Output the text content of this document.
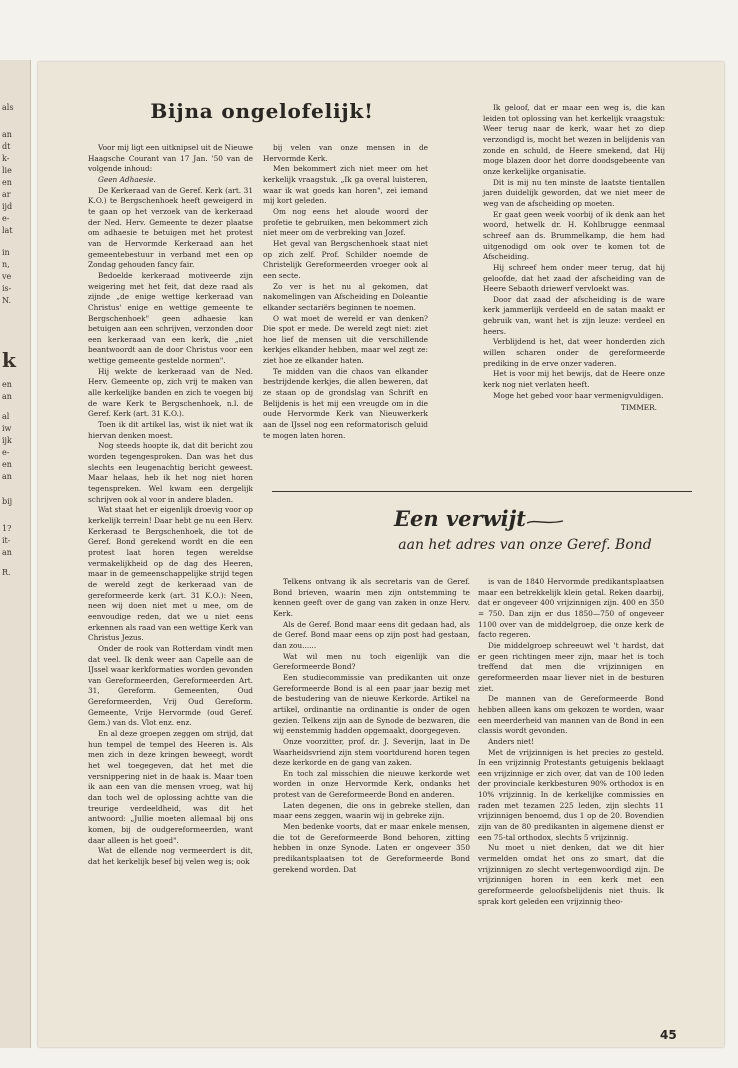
als
an
dt
k-
lie
en
ar
ijd
e-
lat
in
n,
ve
is-
N.
k
en
an
al
iw
ijk
e-
en
an
bij
1?
it-
an
R.
Bijna ongelofelijk!

Voor mij ligt een uitknipsel uit de Nieuwe Haagsche Courant van 17 Jan. '50 van de volgende inhoud:

Geen Adhaesie.

De Kerkeraad van de Geref. Kerk (art. 31 K.O.) te Bergschenhoek heeft geweigerd in te gaan op het verzoek van de kerkeraad der Ned. Herv. Gemeente te dezer plaatse om adhaesie te betuigen met het protest van de Hervormde Kerkeraad aan het gemeentebestuur in verband met een op Zondag gehouden fancy fair.

Bedoelde kerkeraad motiveerde zijn weigering met het feit, dat deze raad als zijnde „de enige wettige kerkeraad van Christus' enige en wettige gemeente te Bergschenhoek" geen adhaesie kan betuigen aan een schrijven, verzonden door een kerkeraad van een kerk, die „niet beantwoordt aan de door Christus voor een wettige gemeente gestelde normen".

Hij wekte de kerkeraad van de Ned. Herv. Gemeente op, zich vrij te maken van alle kerkelijke banden en zich te voegen bij de ware Kerk te Bergschenhoek, n.l. de Geref. Kerk (art. 31 K.O.).

Toen ik dit artikel las, wist ik niet wat ik hiervan denken moest.

Nog steeds hoopte ik, dat dit bericht zou worden tegengesproken. Dan was het dus slechts een leugenachtig bericht geweest. Maar helaas, heb ik het nog niet horen tegenspreken. Wel kwam een dergelijk schrijven ook al voor in andere bladen.

Wat staat het er eigenlijk droevig voor op kerkelijk terrein! Daar hebt ge nu een Herv. Kerkeraad te Bergschenhoek, die tot de Geref. Bond gerekend wordt en die een protest laat horen tegen wereldse vermakelijkheid op de dag des Heeren, maar in de gemeenschappelijke strijd tegen de wereld zegt de kerkeraad van de gereformeerde kerk (art. 31 K.O.): Neen, neen wij doen niet met u mee, om de eenvoudige reden, dat we u niet eens erkennen als raad van een wettige Kerk van Christus Jezus.

Onder de rook van Rotterdam vindt men dat veel. Ik denk weer aan Capelle aan de IJssel waar kerkformaties worden gevonden van Gereformeerden, Gereformeerden Art. 31, Gereform. Gemeenten, Oud Gereformeerden, Vrij Oud Gereform. Gemeente, Vrije Hervormde (oud Geref. Gem.) van ds. Vlot enz. enz.

En al deze groepen zeggen om strijd, dat hun tempel de tempel des Heeren is. Als men zich in deze kringen beweegt, wordt het wel toegegeven, dat het met die versnippering niet in de haak is. Maar toen ik aan een van die mensen vroeg, wat hij dan toch wel de oplossing achtte van die treurige verdeeldheid, was dit het antwoord: „Jullie moeten allemaal bij ons komen, bij de oudgereformeerden, want daar alleen is het goed".

Wat de ellende nog vermeerdert is dit, dat het kerkelijk besef bij velen weg is; ook

bij velen van onze mensen in de Hervormde Kerk.

Men bekommert zich niet meer om het kerkelijk vraagstuk. „Ik ga overal luisteren, waar ik wat goeds kan horen", zei iemand mij kort geleden.

Om nog eens het aloude woord der profetie te gebruiken, men bekommert zich niet meer om de verbreking van Jozef.

Het geval van Bergschenhoek staat niet op zich zelf. Prof. Schilder noemde de Christelijk Gereformeerden vroeger ook al een secte.

Zo ver is het nu al gekomen, dat nakomelingen van Afscheiding en Doleantie elkander sectariërs beginnen te noemen.

O wat moet de wereld er van denken? Die spot er mede. De wereld zegt niet: ziet hoe lief de mensen uit die verschillende kerkjes elkander hebben, maar wel zegt ze: ziet hoe ze elkander haten.

Te midden van die chaos van elkander bestrijdende kerkjes, die allen beweren, dat ze staan op de grondslag van Schrift en Belijdenis is het mij een vreugde om in die oude Hervormde Kerk van Nieuwerkerk aan de IJssel nog een reformatorisch geluid te mogen laten horen.

Ik geloof, dat er maar een weg is, die kan leiden tot oplossing van het kerkelijk vraagstuk: Weer terug naar de kerk, waar het zo diep verzondigd is, mocht het wezen in belijdenis van zonde en schuld, de Heere smekend, dat Hij moge blazen door het dorre doodsgebeente van onze kerkelijke organisatie.

Dit is mij nu ten minste de laatste tientallen jaren duidelijk geworden, dat we niet meer de weg van de afscheiding op moeten.

Er gaat geen week voorbij of ik denk aan het woord, hetwelk dr. H. Kohlbrugge eenmaal schreef aan ds. Brummelkamp, die hem had uitgenodigd om ook over te komen tot de Afscheiding.

Hij schreef hem onder meer terug, dat hij geloofde, dat het zaad der afscheiding van de Heere Sebaoth driewerf vervloekt was.

Door dat zaad der afscheiding is de ware kerk jammerlijk verdeeld en de satan maakt er gebruik van, want het is zijn leuze: verdeel en heers.

Verblijdend is het, dat weer honderden zich willen scharen onder de gereformeerde prediking in de erve onzer vaderen.

Het is voor mij het bewijs, dat de Heere onze kerk nog niet verlaten heeft.

Moge het gebed voor haar vermenigvuldigen.

TIMMER.

Een verwijt
aan het adres van onze Geref. Bond

Telkens ontvang ik als secretaris van de Geref. Bond brieven, waarin men zijn ontstemming te kennen geeft over de gang van zaken in onze Herv. Kerk.

Als de Geref. Bond maar eens dit gedaan had, als de Geref. Bond maar eens op zijn post had gestaan, dan zou......

Wat wil men nu toch eigenlijk van die Gereformeerde Bond?

Een studiecommissie van predikanten uit onze Gereformeerde Bond is al een paar jaar bezig met de bestudering van de nieuwe Kerkorde. Artikel na artikel, ordinantie na ordinantie is onder de ogen gezien. Telkens zijn aan de Synode de bezwaren, die wij eenstemmig hadden opgemaakt, doorgegeven.

Onze voorzitter, prof. dr. J. Severijn, laat in De Waarheidsvriend zijn stem voortdurend horen tegen deze kerkorde en de gang van zaken.

En toch zal misschien die nieuwe kerkorde wet worden in onze Hervormde Kerk, ondanks het protest van de Gereformeerde Bond en anderen.

Laten degenen, die ons in gebreke stellen, dan maar eens zeggen, waarin wij in gebreke zijn.

Men bedenke voorts, dat er maar enkele mensen, die tot de Gereformeerde Bond behoren, zitting hebben in onze Synode. Laten er ongeveer 350 predikantsplaatsen tot de Gereformeerde Bond gerekend worden. Dat

is van de 1840 Hervormde predikantsplaatsen maar een betrekkelijk klein getal. Reken daarbij, dat er ongeveer 400 vrijzinnigen zijn. 400 en 350 = 750. Dan zijn er dus 1850—750 of ongeveer 1100 over van de middelgroep, die onze kerk de facto regeren.

Die middelgroep schreeuwt wel 't hardst, dat er geen richtingen meer zijn, maar het is toch treffend dat men die vrijzinnigen en gereformeerden maar liever niet in de besturen ziet.

De mannen van de Gereformeerde Bond hebben alleen kans om gekozen te worden, waar een meerderheid van mannen van de Bond in een classis wordt gevonden.

Anders niet!

Met de vrijzinnigen is het precies zo gesteld. In een vrijzinnig Protestants getuigenis beklaagt een vrijzinnige er zich over, dat van de 100 leden der provinciale kerkbesturen 90% orthodox is en 10% vrijzinnig. In de kerkelijke commissies en raden met tezamen 225 leden, zijn slechts 11 vrijzinnigen benoemd, dus 1 op de 20. Bovendien zijn van de 80 predikanten in algemene dienst er een 75-tal orthodox, slechts 5 vrijzinnig.

Nu moet u niet denken, dat we dit hier vermelden omdat het ons zo smart, dat die vrijzinnigen zo slecht vertegenwoordigd zijn. De vrijzinnigen horen in een kerk met een gereformeerde geloofsbelijdenis niet thuis. Ik sprak kort geleden een vrijzinnig theo-

45
